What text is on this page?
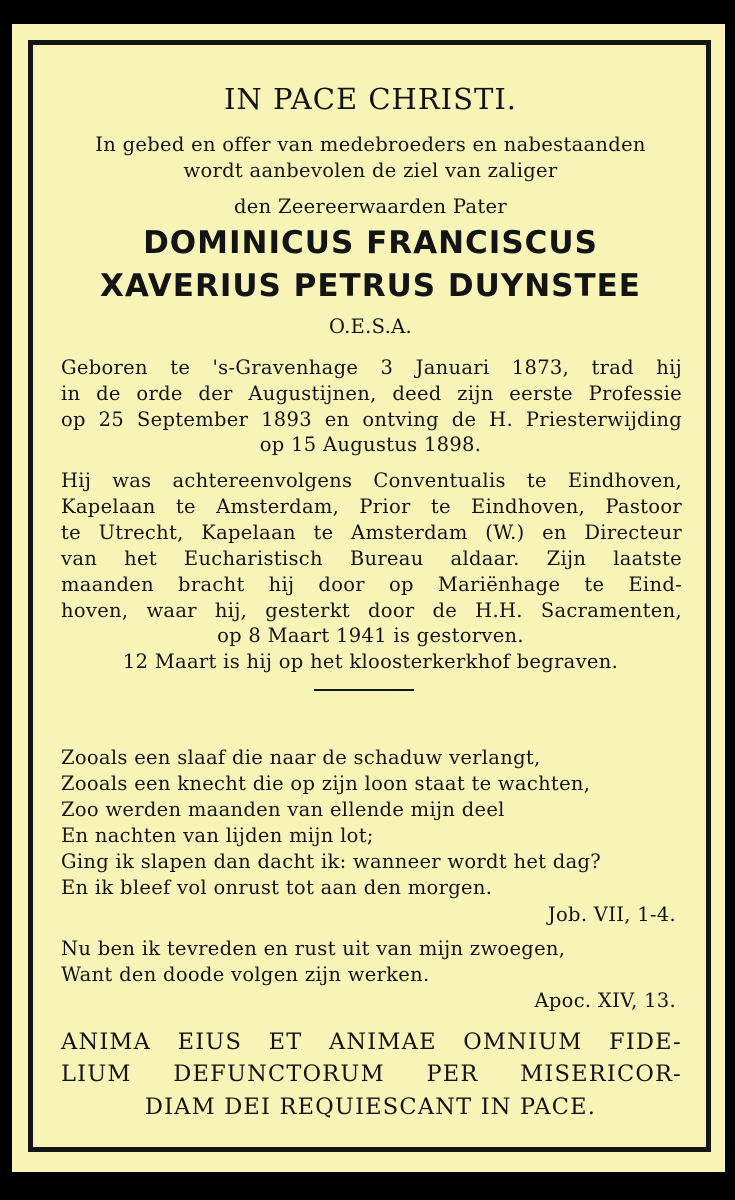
IN PACE CHRISTI.
In gebed en offer van medebroeders en nabestaanden
wordt aanbevolen de ziel van zaliger
den Zeereerwaarden Pater
DOMINICUS FRANCISCUS
XAVERIUS PETRUS DUYNSTEE
O.E.S.A.
Geboren te 's-Gravenhage 3 Januari 1873, trad hij
in de orde der Augustijnen, deed zijn eerste Professie
op 25 September 1893 en ontving de H. Priesterwijding
op 15 Augustus 1898.
Hij was achtereenvolgens Conventualis te Eindhoven,
Kapelaan te Amsterdam, Prior te Eindhoven, Pastoor
te Utrecht, Kapelaan te Amsterdam (W.) en Directeur
van het Eucharistisch Bureau aldaar. Zijn laatste
maanden bracht hij door op Mariënhage te Eind-
hoven, waar hij, gesterkt door de H.H. Sacramenten,
op 8 Maart 1941 is gestorven.
12 Maart is hij op het kloosterkerkhof begraven.
Zooals een slaaf die naar de schaduw verlangt,
Zooals een knecht die op zijn loon staat te wachten,
Zoo werden maanden van ellende mijn deel
En nachten van lijden mijn lot;
Ging ik slapen dan dacht ik: wanneer wordt het dag?
En ik bleef vol onrust tot aan den morgen.
Job. VII, 1-4.
Nu ben ik tevreden en rust uit van mijn zwoegen,
Want den doode volgen zijn werken.
Apoc. XIV, 13.
ANIMA EIUS ET ANIMAE OMNIUM FIDE-
LIUM DEFUNCTORUM PER MISERICOR-
DIAM DEI REQUIESCANT IN PACE.
